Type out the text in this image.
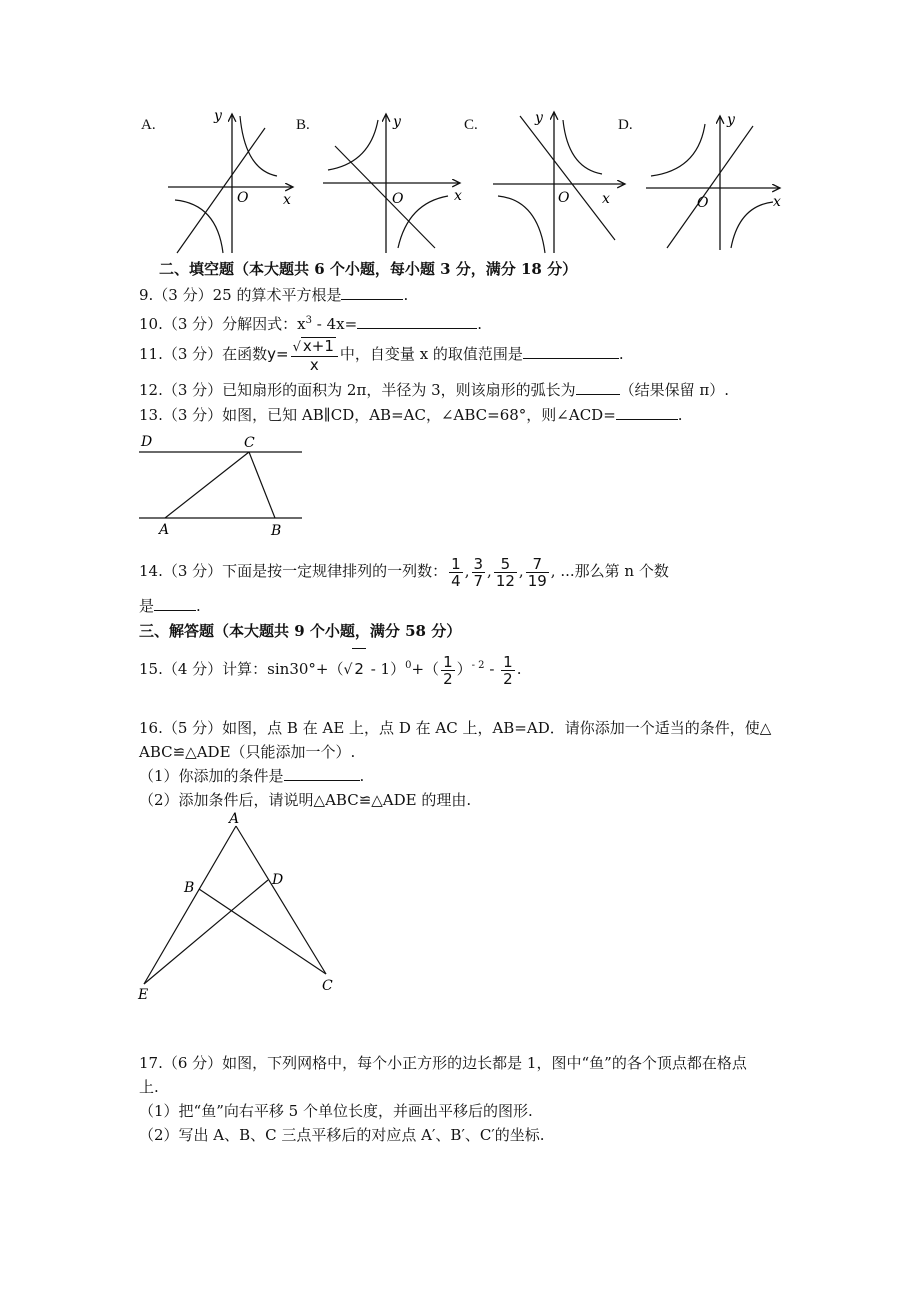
A.	B.	C.	D.
y
x
O
y
x
O
y
x
O
y
x
O
二、填空题（本大题共 6 个小题，每小题 3 分，满分 18 分）
9.（3 分）25 的算术平方根是	.
10.（3 分）分解因式：$x^3 - 4x=$	.
11.（3 分）在函数$y= \frac{√ x+1}{x}$ 中，自变量 x 的取值范围是	.
12.（3 分）已知扇形的面积为 2π，半径为 3，则该扇形的弧长为	（结果保留 π）.
13.（3 分）如图，已知 AB∥CD，AB=AC，∠ABC=68°，则∠ACD=	.
D	C
A	B
14.（3 分）下面是按一定规律排列的一列数： $\frac{1}{4}$ , $\frac{3}{7}$ , $\frac{5}{12}$ , $\frac{7}{19}$ , ...那么第 n 个数
是	.
三、解答题（本大题共 9 个小题，满分 58 分）
15.（4 分）计算：sin30°+（√ $2 - 1)^0+( \frac{1}{2} )^{- 2} - \frac{1}{2}$ .
16.（5 分）如图，点 B 在 AE 上，点 D 在 AC 上，AB=AD．请你添加一个适当的条件，使△
ABC≌△ADE（只能添加一个）.
（1）你添加的条件是	.
（2）添加条件后，请说明△ABC≌△ADE 的理由.
A
B	D
E
C
17.（6 分）如图，下列网格中，每个小正方形的边长都是 1，图中“鱼”的各个顶点都在格点
上.
（1）把“鱼”向右平移 5 个单位长度，并画出平移后的图形.
（2）写出 A、B、C 三点平移后的对应点 A′、B′、C′的坐标.
